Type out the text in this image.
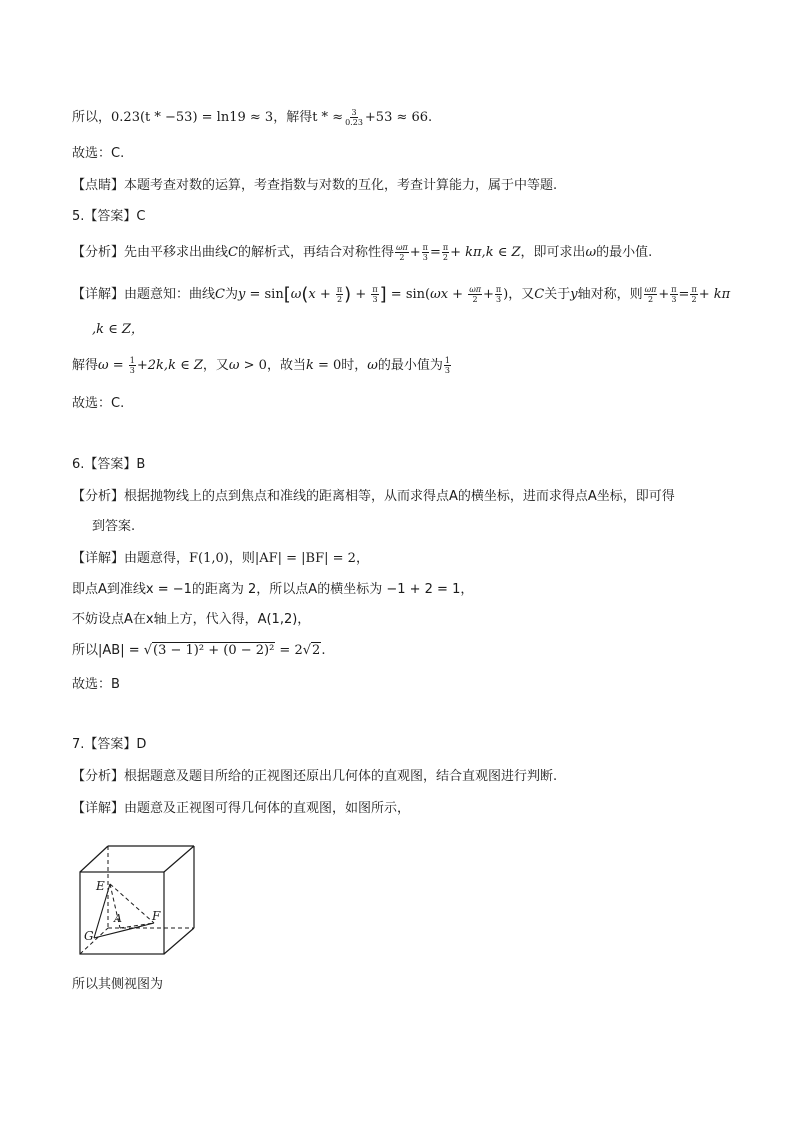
所以，0.23(t * −53) = ln19 ≈ 3，解得t * ≈ $\frac{3}{0.23} +53 \approx 66$.
故选：C.
【点睛】本题考查对数的运算，考查指数与对数的互化，考查计算能力，属于中等题.
5.【答案】C
【分析】先由平移求出曲线C的解析式，再结合对称性得 $\frac{\omega\pi}{2} + \frac{\pi}{3} = \frac{\pi}{2} + k\pi,k$ ∈ Z，即可求出ω的最小值.
【详解】由题意知：曲线C为$y = \sin[\omega(x + \frac{\pi}{2}$ ) + $\frac{\pi}{3}$ ] = $\sin(\omega x + \frac{\omega\pi}{2} + \frac{\pi}{3}$ )，又C关于y轴对称，则 $\frac{\omega\pi}{2} + \frac{\pi}{3} = \frac{\pi}{2} + k\pi$
,k ∈ Z，
解得$\omega = \frac{1}{3} +2k,k$ ∈ Z，又ω > 0，故当k = 0时，ω的最小值为 $\frac{1}{3}$
故选：C.
6.【答案】B
【分析】根据抛物线上的点到焦点和准线的距离相等，从而求得点A的横坐标，进而求得点A坐标，即可得
到答案.
【详解】由题意得，F(1,0)，则|AF| = |BF| = 2，
即点A到准线x = −1的距离为 2，所以点A的横坐标为 −1 + 2 = 1，
不妨设点A在x轴上方，代入得，A(1,2)，
所以|AB| = √(3 − 1)² + (0 − 2)² = 2√2.
故选：B
7.【答案】D
【分析】根据题意及题目所给的正视图还原出几何体的直观图，结合直观图进行判断.
【详解】由题意及正视图可得几何体的直观图，如图所示，
E
A	F
G
所以其侧视图为
